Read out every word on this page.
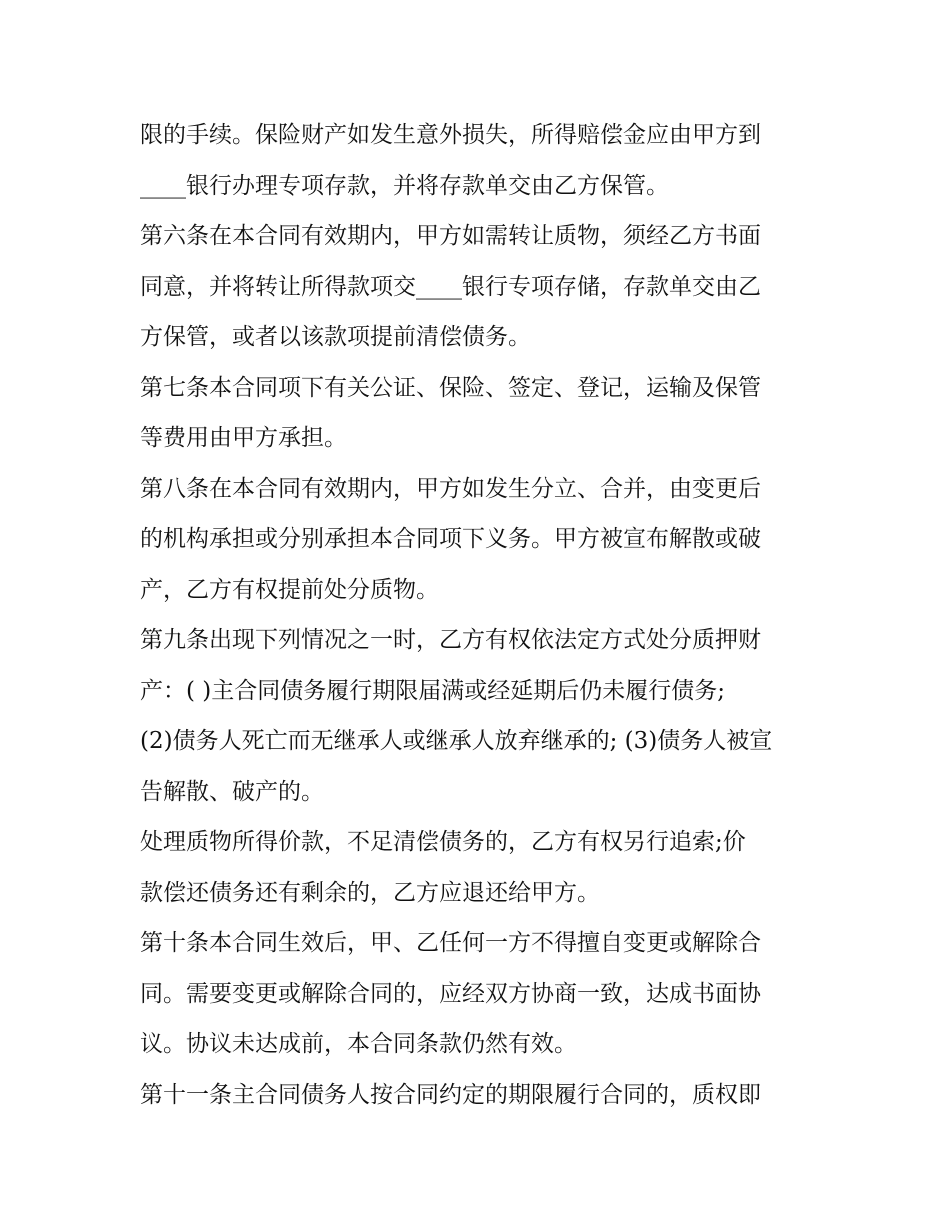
限的手续。保险财产如发生意外损失，所得赔偿金应由甲方到
____银行办理专项存款，并将存款单交由乙方保管。

第六条在本合同有效期内，甲方如需转让质物，须经乙方书面
同意，并将转让所得款项交____银行专项存储，存款单交由乙
方保管，或者以该款项提前清偿债务。

第七条本合同项下有关公证、保险、签定、登记，运输及保管
等费用由甲方承担。

第八条在本合同有效期内，甲方如发生分立、合并，由变更后
的机构承担或分别承担本合同项下义务。甲方被宣布解散或破
产，乙方有权提前处分质物。

第九条出现下列情况之一时，乙方有权依法定方式处分质押财
产：( )主合同债务履行期限届满或经延期后仍未履行债务;

(2)债务人死亡而无继承人或继承人放弃继承的; (3)债务人被宣
告解散、破产的。

处理质物所得价款，不足清偿债务的，乙方有权另行追索;价
款偿还债务还有剩余的，乙方应退还给甲方。

第十条本合同生效后，甲、乙任何一方不得擅自变更或解除合
同。需要变更或解除合同的，应经双方协商一致，达成书面协
议。协议未达成前，本合同条款仍然有效。

第十一条主合同债务人按合同约定的期限履行合同的，质权即
